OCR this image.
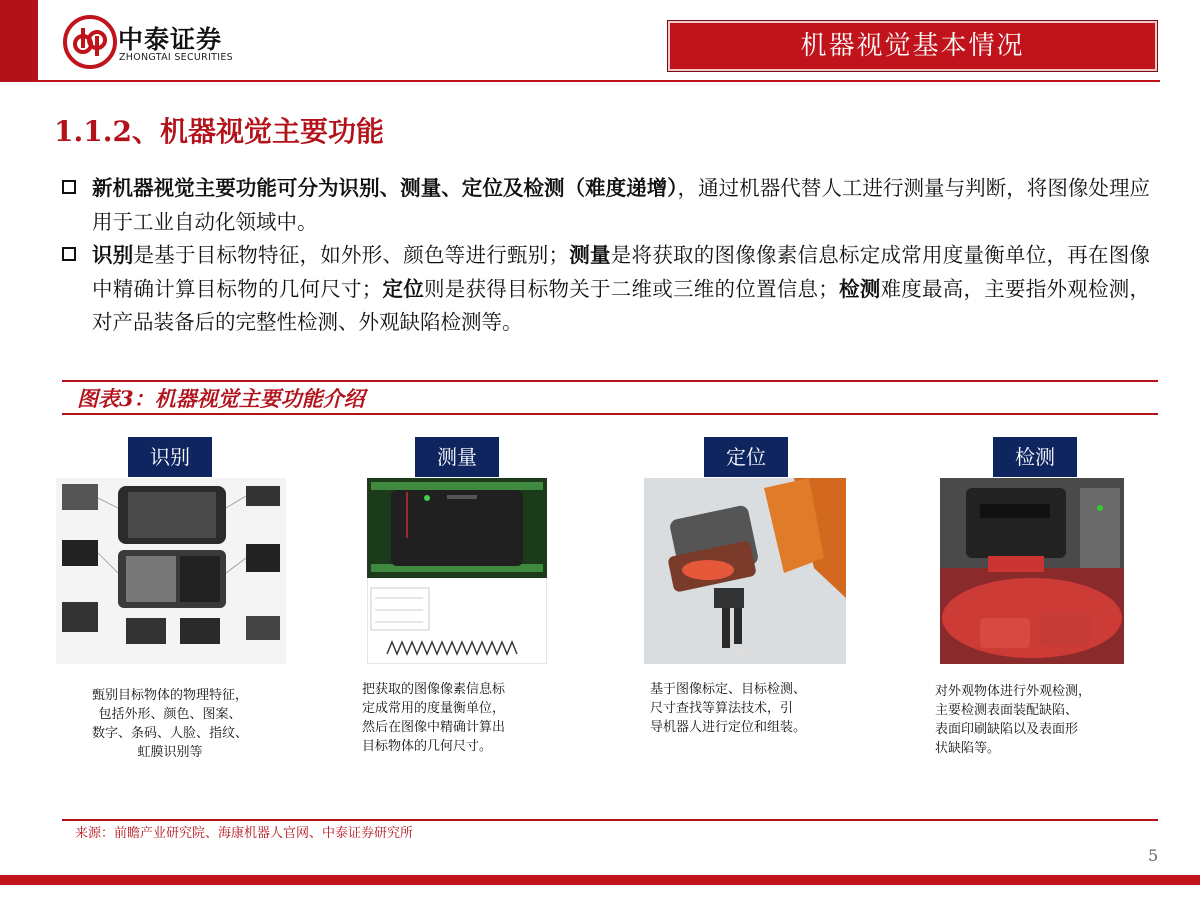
中泰证券
ZHONGTAI SECURITIES	机器视觉基本情况
1.1.2、机器视觉主要功能
新机器视觉主要功能可分为识别、测量、定位及检测（难度递增），通过机器代替人工进行测量与判断，将图像处理应用于工业自动化领域中。
识别是基于目标物特征，如外形、颜色等进行甄别；测量是将获取的图像像素信息标定成常用度量衡单位，再在图像中精确计算目标物的几何尺寸；定位则是获得目标物关于二维或三维的位置信息；检测难度最高，主要指外观检测，对产品装备后的完整性检测、外观缺陷检测等。
图表3：机器视觉主要功能介绍
识别	测量	定位	检测
甄别目标物体的物理特征，
包括外形、颜色、图案、
数字、条码、人脸、指纹、
虹膜识别等
把获取的图像像素信息标
定成常用的度量衡单位，
然后在图像中精确计算出
目标物体的几何尺寸。
基于图像标定、目标检测、
尺寸查找等算法技术，引
导机器人进行定位和组装。
对外观物体进行外观检测，
主要检测表面装配缺陷、
表面印刷缺陷以及表面形
状缺陷等。
来源：前瞻产业研究院、海康机器人官网、中泰证券研究所
5
